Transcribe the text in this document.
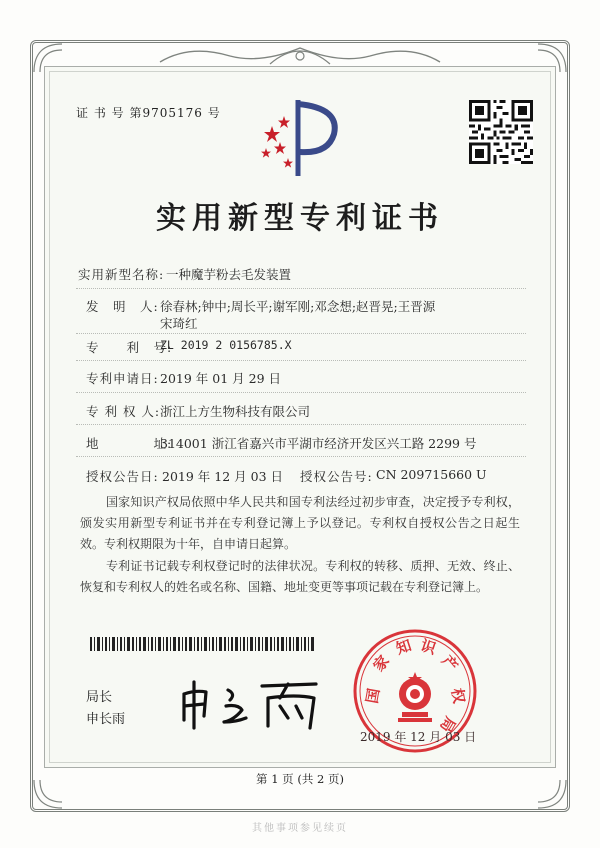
证 书 号 第9705176 号
实用新型专利证书
实用新型名称: 一种魔芋粉去毛发装置
发　明　人: 徐春林;钟中;周长平;谢军刚;邓念想;赵晋晃;王晋源
宋琦红
专　　利　号:
ZL 2019 2 0156785.X
专利申请日: 2019 年 01 月 29 日
专 利 权 人: 浙江上方生物科技有限公司
地　　　　址:
314001 浙江省嘉兴市平湖市经济开发区兴工路 2299 号
授权公告日: 2019 年 12 月 03 日 授权公告号: CN 209715660 U
国家知识产权局依照中华人民共和国专利法经过初步审查，决定授予专利权，颁发实用新型专利证书并在专利登记簿上予以登记。专利权自授权公告之日起生效。专利权期限为十年，自申请日起算。
专利证书记载专利权登记时的法律状况。专利权的转移、质押、无效、终止、恢复和专利权人的姓名或名称、国籍、地址变更等事项记载在专利登记簿上。
局长
申长雨
国
家
知 识
产
权
局
2019 年 12 月 03 日
第 1 页 (共 2 页)
其他事项参见续页
